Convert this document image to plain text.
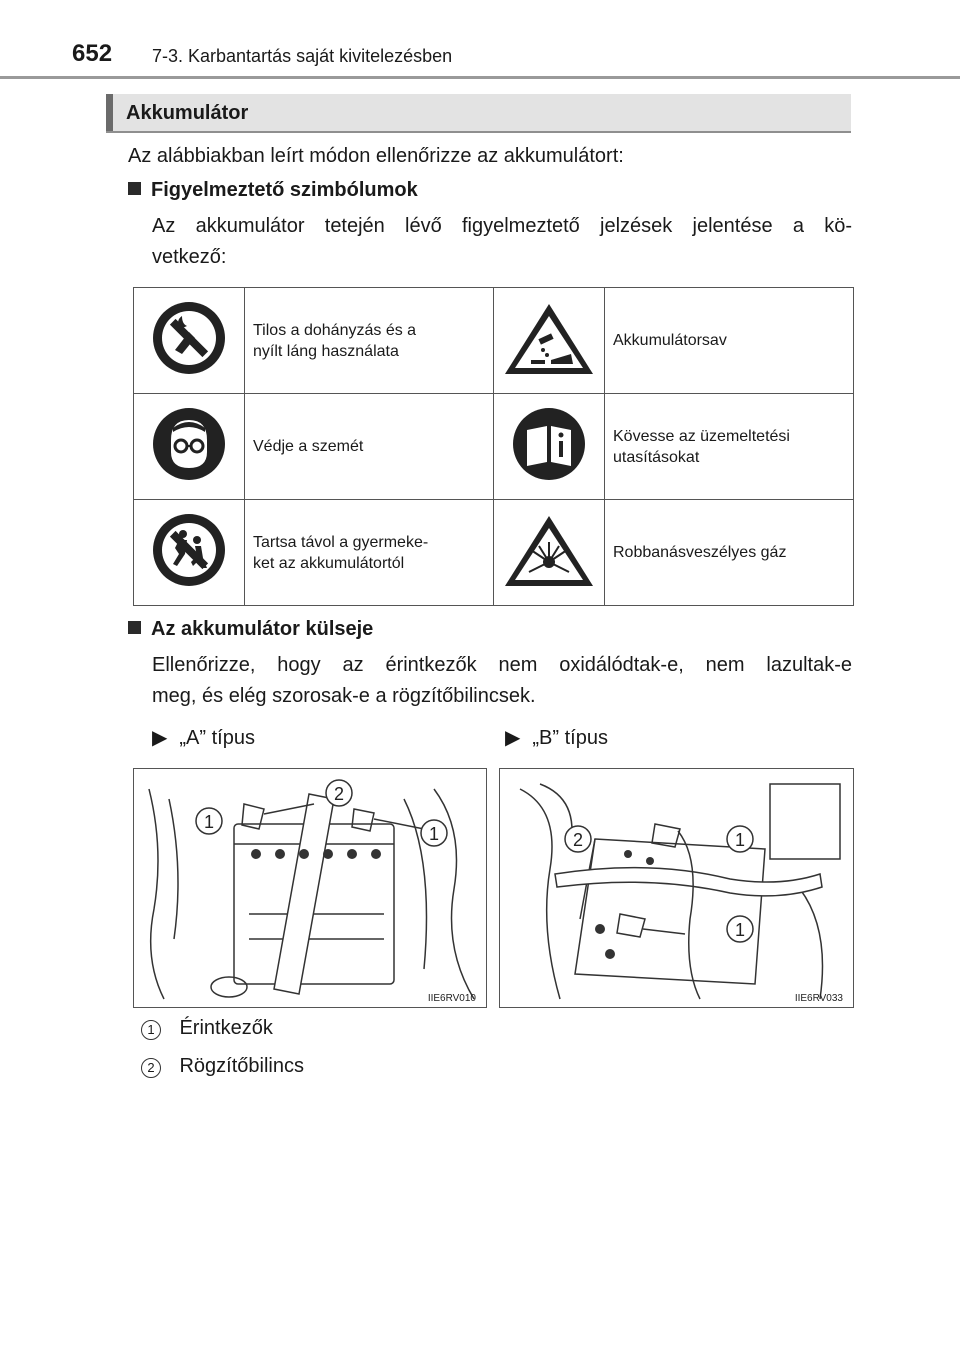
652 7-3. Karbantartás saját kivitelezésben
Akkumulátor
Az alábbiakban leírt módon ellenőrizze az akkumulátort:
Figyelmeztető szimbólumok
Az akkumulátor tetején lévő figyelmeztető jelzések jelentése a kö-
vetkező:
	Tilos a dohányzás és a
nyílt láng használata		Akkumulátorsav
	Védje a szemét		Kövesse az üzemeltetési
utasításokat
	Tartsa távol a gyermeke-
ket az akkumulátortól		Robbanásveszélyes gáz
Az akkumulátor külseje
Ellenőrizze, hogy az érintkezők nem oxidálódtak-e, nem lazultak-e
meg, és elég szorosak-e a rögzítőbilincsek.
▶ „A” típus	▶ „B” típus
1
2
1
IIE6RV010
2	1
1
IIE6RV033
1 Érintkezők
2 Rögzítőbilincs
